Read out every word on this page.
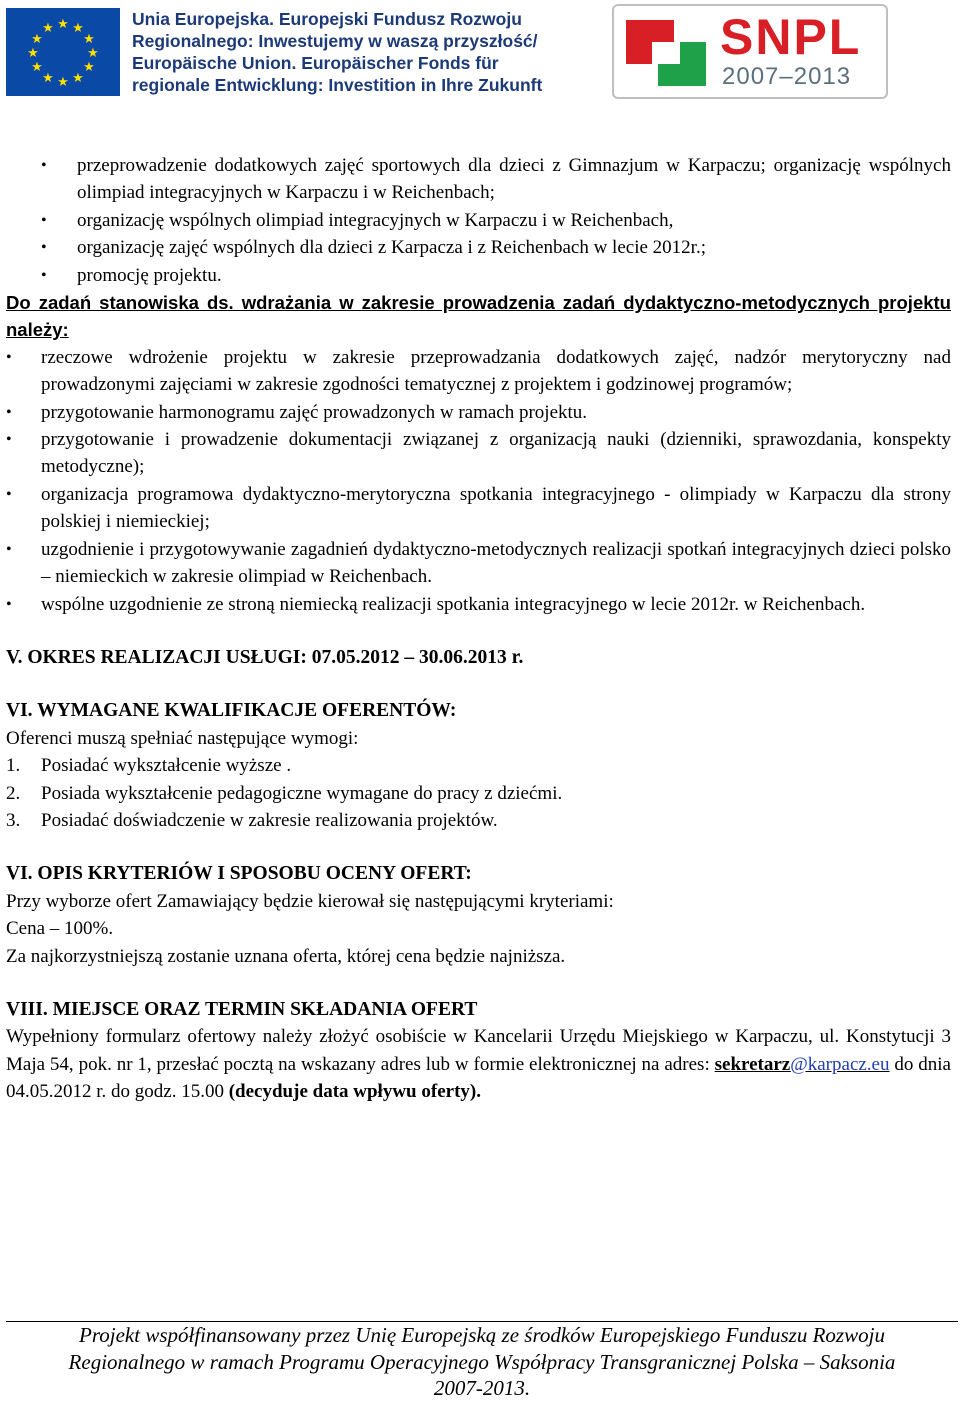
★ ★
★
★
★
★
★
★
★
★
★
★	Unia Europejska. Europejski Fundusz Rozwoju
Regionalnego: Inwestujemy w waszą przyszłość/
Europäische Union. Europäischer Fonds für
regionale Entwicklung: Investition in Ihre Zukunft
SNPL
2007–2013
• przeprowadzenie dodatkowych zajęć sportowych dla dzieci z Gimnazjum w Karpaczu; organizację wspólnych olimpiad integracyjnych w Karpaczu i w Reichenbach;
• organizację wspólnych olimpiad integracyjnych w Karpaczu i w Reichenbach,
• organizację zajęć wspólnych dla dzieci z Karpacza i z Reichenbach w lecie 2012r.;
• promocję projektu.
Do zadań stanowiska ds. wdrażania w zakresie prowadzenia zadań dydaktyczno-metodycznych projektu należy:
• rzeczowe wdrożenie projektu w zakresie przeprowadzania dodatkowych zajęć, nadzór merytoryczny nad prowadzonymi zajęciami w zakresie zgodności tematycznej z projektem i godzinowej programów;
• przygotowanie harmonogramu zajęć prowadzonych w ramach projektu.
• przygotowanie i prowadzenie dokumentacji związanej z organizacją nauki (dzienniki, sprawozdania, konspekty metodyczne);
• organizacja programowa dydaktyczno-merytoryczna spotkania integracyjnego - olimpiady w Karpaczu dla strony polskiej i niemieckiej;
• uzgodnienie i przygotowywanie zagadnień dydaktyczno-metodycznych realizacji spotkań integracyjnych dzieci polsko – niemieckich w zakresie olimpiad w Reichenbach.
• wspólne uzgodnienie ze stroną niemiecką realizacji spotkania integracyjnego w lecie 2012r. w Reichenbach.
V. OKRES REALIZACJI USŁUGI: 07.05.2012 – 30.06.2013 r.
VI. WYMAGANE KWALIFIKACJE OFERENTÓW:
Oferenci muszą spełniać następujące wymogi:
1. Posiadać wykształcenie wyższe .
2. Posiada wykształcenie pedagogiczne wymagane do pracy z dziećmi.
3. Posiadać doświadczenie w zakresie realizowania projektów.
VI. OPIS KRYTERIÓW I SPOSOBU OCENY OFERT:
Przy wyborze ofert Zamawiający będzie kierował się następującymi kryteriami:
Cena – 100%.
Za najkorzystniejszą zostanie uznana oferta, której cena będzie najniższa.
VIII. MIEJSCE ORAZ TERMIN SKŁADANIA OFERT
Wypełniony formularz ofertowy należy złożyć osobiście w Kancelarii Urzędu Miejskiego w Karpaczu, ul. Konstytucji 3 Maja 54, pok. nr 1, przesłać pocztą na wskazany adres lub w formie elektronicznej na adres: sekretarz@karpacz.eu do dnia 04.05.2012 r. do godz. 15.00 (decyduje data wpływu oferty).
Projekt współfinansowany przez Unię Europejską ze środków Europejskiego Funduszu Rozwoju
Regionalnego w ramach Programu Operacyjnego Współpracy Transgranicznej Polska – Saksonia
2007-2013.
